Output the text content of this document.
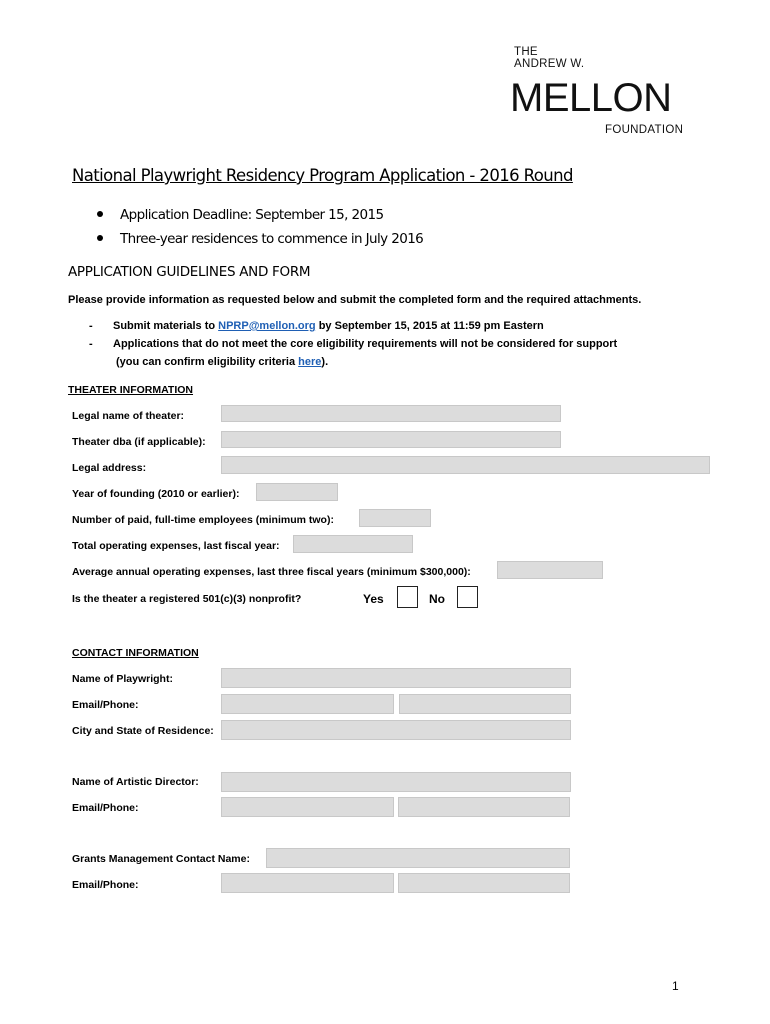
THE
ANDREW W.
MELLON
FOUNDATION
National Playwright Residency Program Application - 2016 Round
Application Deadline: September 15, 2015
Three-year residences to commence in July 2016
APPLICATION GUIDELINES AND FORM
Please provide information as requested below and submit the completed form and the required attachments.
- Submit materials to NPRP@mellon.org by September 15, 2015 at 11:59 pm Eastern
- Applications that do not meet the core eligibility requirements will not be considered for support
(you can confirm eligibility criteria here).
THEATER INFORMATION
Legal name of theater:
Theater dba (if applicable):
Legal address:
Year of founding (2010 or earlier):
Number of paid, full-time employees (minimum two):
Total operating expenses, last fiscal year:
Average annual operating expenses, last three fiscal years (minimum $300,000):
Is the theater a registered 501(c)(3) nonprofit?	Yes	No
CONTACT INFORMATION
Name of Playwright:
Email/Phone:
City and State of Residence:
Name of Artistic Director:
Email/Phone:
Grants Management Contact Name:
Email/Phone:
1
